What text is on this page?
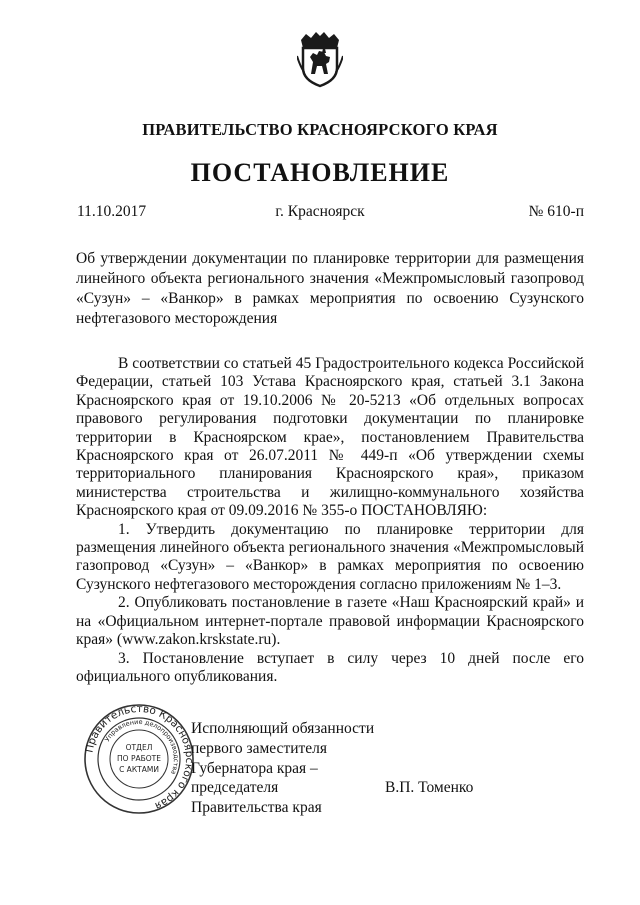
ПРАВИТЕЛЬСТВО КРАСНОЯРСКОГО КРАЯ
ПОСТАНОВЛЕНИЕ
11.10.2017	г. Красноярск	№ 610-п
Об утверждении документации по планировке территории для размещения линейного объекта регионального значения «Межпромысловый газопровод «Сузун» – «Ванкор» в рамках мероприятия по освоению Сузунского нефтегазового месторождения

В соответствии со статьей 45 Градостроительного кодекса Российской Федерации, статьей 103 Устава Красноярского края, статьей 3.1 Закона Красноярского края от 19.10.2006 № 20-5213 «Об отдельных вопросах правового регулирования подготовки документации по планировке территории в Красноярском крае», постановлением Правительства Красноярского края от 26.07.2011 № 449-п «Об утверждении схемы территориального планирования Красноярского края», приказом министерства строительства и жилищно-коммунального хозяйства Красноярского края от 09.09.2016 № 355-о ПОСТАНОВЛЯЮ:

1. Утвердить документацию по планировке территории для размещения линейного объекта регионального значения «Межпромысловый газопровод «Сузун» – «Ванкор» в рамках мероприятия по освоению Сузунского нефтегазового месторождения согласно приложениям № 1–3.

2. Опубликовать постановление в газете «Наш Красноярский край» и на «Официальном интернет-портале правовой информации Красноярского края» (www.zakon.krskstate.ru).

3. Постановление вступает в силу через 10 дней после его официального опубликования.

Правительство Красноярского края
Управление делопроизводства
ОТДЕЛ
ПО РАБОТЕ
С АКТАМИ
Исполняющий обязанности
первого заместителя
Губернатора края –
председателя
Правительства края
В.П. Томенко
